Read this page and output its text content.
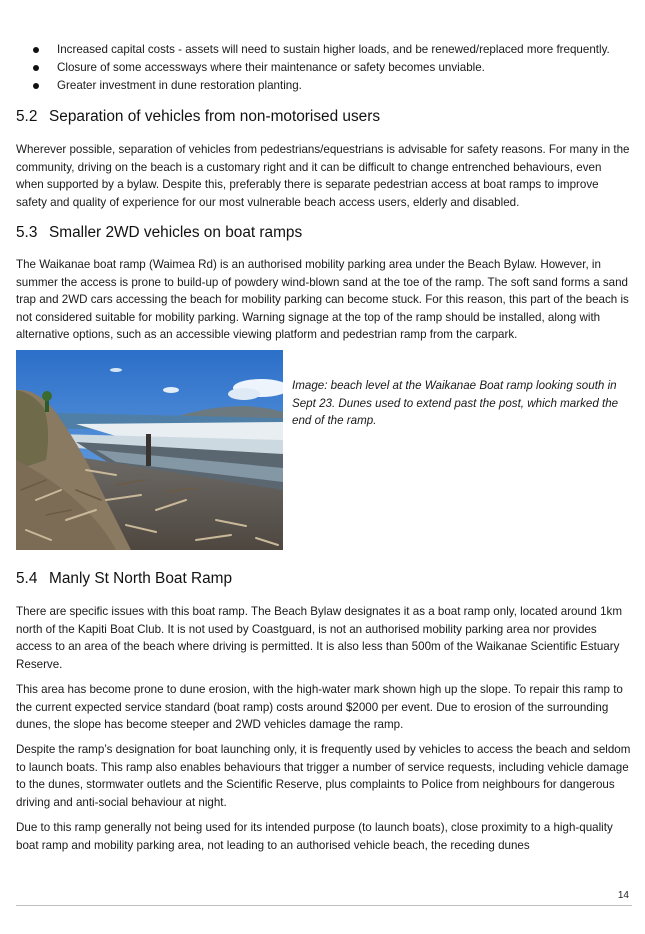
Increased capital costs - assets will need to sustain higher loads, and be renewed/replaced more frequently.
Closure of some accessways where their maintenance or safety becomes unviable.
Greater investment in dune restoration planting.
5.2 Separation of vehicles from non-motorised users

Wherever possible, separation of vehicles from pedestrians/equestrians is advisable for safety reasons. For many in the community, driving on the beach is a customary right and it can be difficult to change entrenched behaviours, even when supported by a bylaw. Despite this, preferably there is separate pedestrian access at boat ramps to improve safety and quality of experience for our most vulnerable beach access users, elderly and disabled.

5.3 Smaller 2WD vehicles on boat ramps

The Waikanae boat ramp (Waimea Rd) is an authorised mobility parking area under the Beach Bylaw. However, in summer the access is prone to build-up of powdery wind-blown sand at the toe of the ramp. The soft sand forms a sand trap and 2WD cars accessing the beach for mobility parking can become stuck. For this reason, this part of the beach is not considered suitable for mobility parking. Warning signage at the top of the ramp should be installed, along with alternative options, such as an accessible viewing platform and pedestrian ramp from the carpark.

Image: beach level at the Waikanae Boat ramp looking south in Sept 23. Dunes used to extend past the post, which marked the end of the ramp.
5.4 Manly St North Boat Ramp

There are specific issues with this boat ramp. The Beach Bylaw designates it as a boat ramp only, located around 1km north of the Kapiti Boat Club. It is not used by Coastguard, is not an authorised mobility parking area nor provides access to an area of the beach where driving is permitted. It is also less than 500m of the Waikanae Scientific Estuary Reserve.

This area has become prone to dune erosion, with the high-water mark shown high up the slope. To repair this ramp to the current expected service standard (boat ramp) costs around $2000 per event. Due to erosion of the surrounding dunes, the slope has become steeper and 2WD vehicles damage the ramp.

Despite the ramp’s designation for boat launching only, it is frequently used by vehicles to access the beach and seldom to launch boats. This ramp also enables behaviours that trigger a number of service requests, including vehicle damage to the dunes, stormwater outlets and the Scientific Reserve, plus complaints to Police from neighbours for dangerous driving and anti-social behaviour at night.

Due to this ramp generally not being used for its intended purpose (to launch boats), close proximity to a high-quality boat ramp and mobility parking area, not leading to an authorised vehicle beach, the receding dunes

14
